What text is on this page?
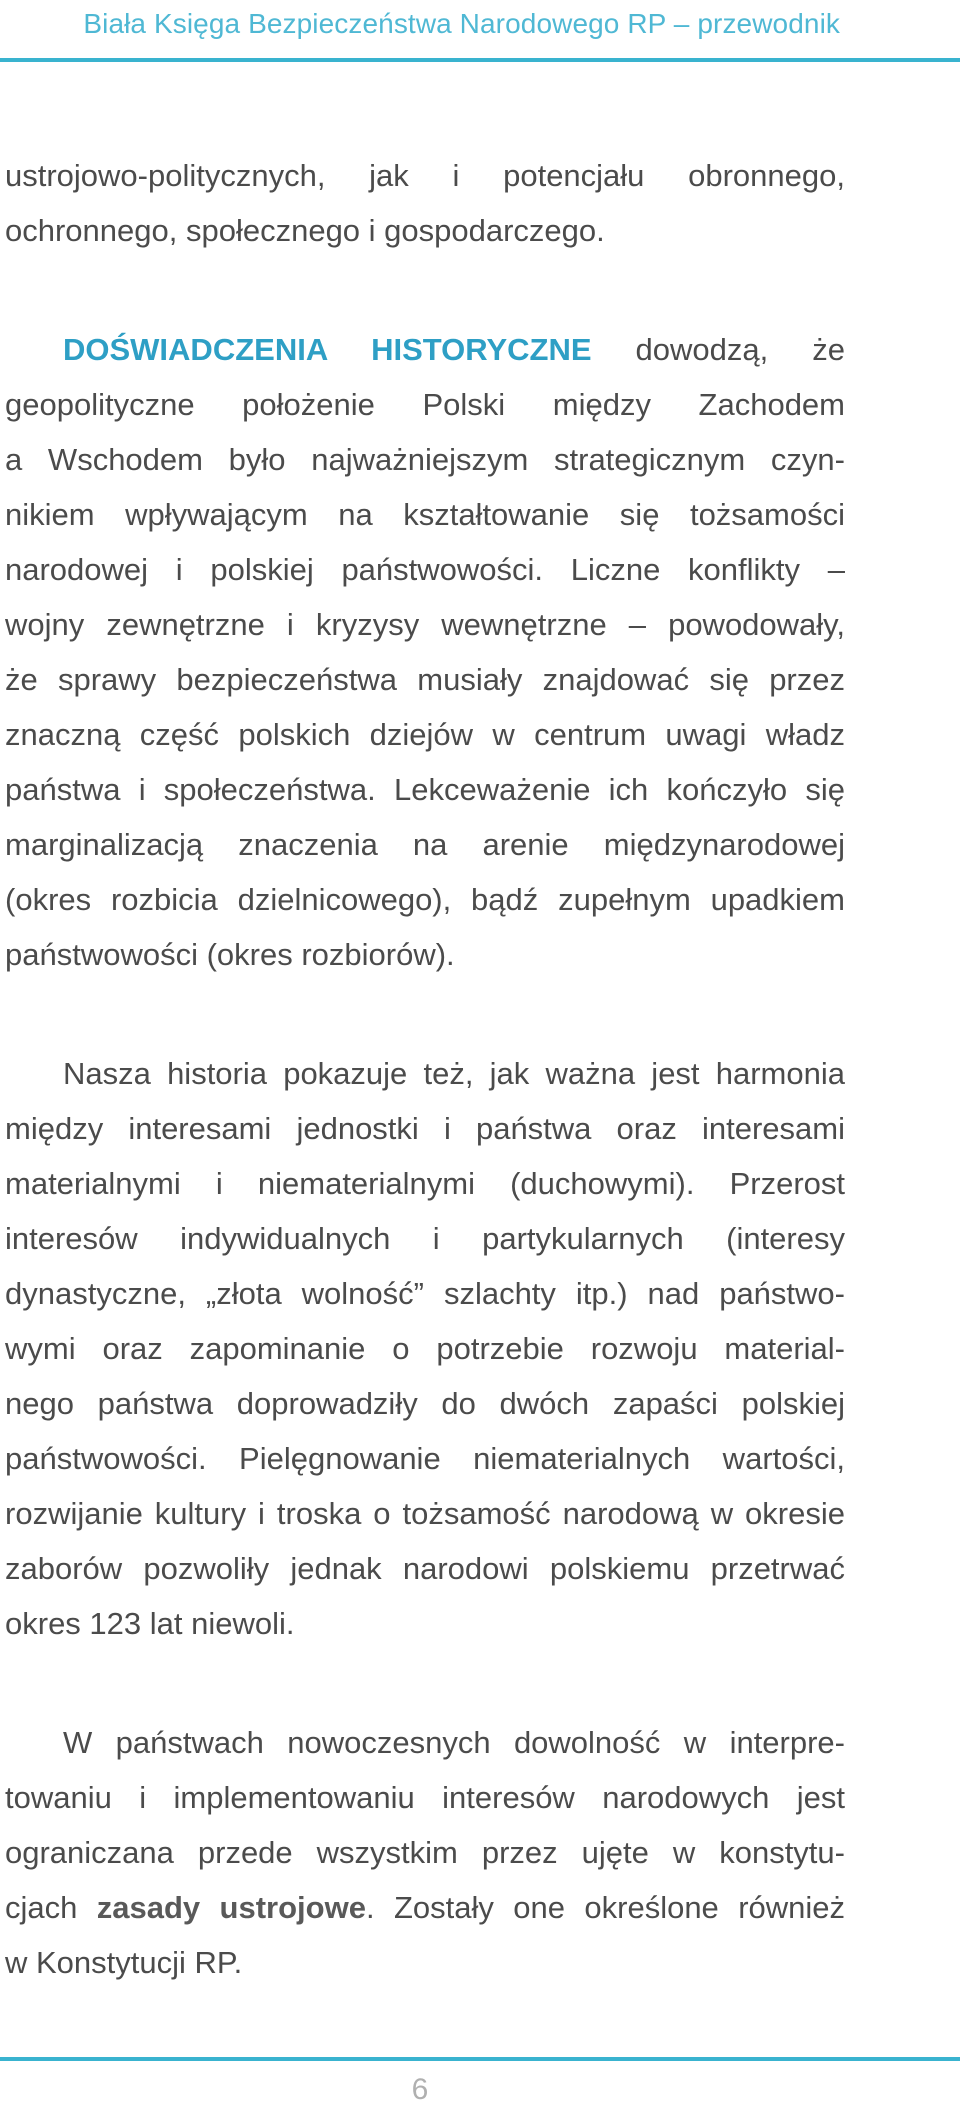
Biała Księga Bezpieczeństwa Narodowego RP – przewodnik
ustrojowo-politycznych, jak i potencjału obronnego,
ochronnego, społecznego i gospodarczego.
DOŚWIADCZENIA HISTORYCZNE dowodzą, że
geopolityczne położenie Polski między Zachodem
a Wschodem było najważniejszym strategicznym czyn-
nikiem wpływającym na kształtowanie się tożsamości
narodowej i polskiej państwowości. Liczne konflikty –
wojny zewnętrzne i kryzysy wewnętrzne – powodowały,
że sprawy bezpieczeństwa musiały znajdować się przez
znaczną część polskich dziejów w centrum uwagi władz
państwa i społeczeństwa. Lekceważenie ich kończyło się
marginalizacją znaczenia na arenie międzynarodowej
(okres rozbicia dzielnicowego), bądź zupełnym upadkiem
państwowości (okres rozbiorów).
Nasza historia pokazuje też, jak ważna jest harmonia
między interesami jednostki i państwa oraz interesami
materialnymi i niematerialnymi (duchowymi). Przerost
interesów indywidualnych i partykularnych (interesy
dynastyczne, „złota wolność” szlachty itp.) nad państwo-
wymi oraz zapominanie o potrzebie rozwoju material-
nego państwa doprowadziły do dwóch zapaści polskiej
państwowości. Pielęgnowanie niematerialnych wartości,
rozwijanie kultury i troska o tożsamość narodową w okresie
zaborów pozwoliły jednak narodowi polskiemu przetrwać
okres 123 lat niewoli.
W państwach nowoczesnych dowolność w interpre-
towaniu i implementowaniu interesów narodowych jest
ograniczana przede wszystkim przez ujęte w konstytu-
cjach zasady ustrojowe. Zostały one określone również
w Konstytucji RP.
6
